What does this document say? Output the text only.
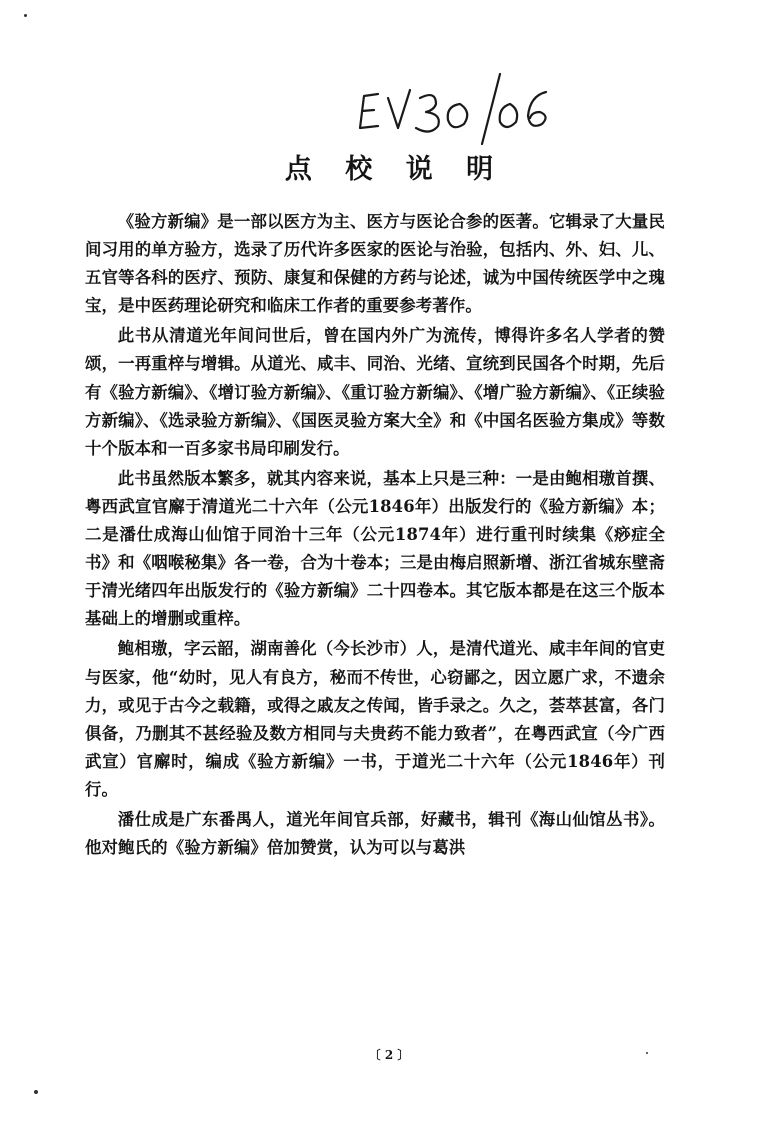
EV30/06
点 校 说 明

《验方新编》是一部以医方为主、医方与医论合参的医著。它辑录了大量民间习用的单方验方，选录了历代许多医家的医论与治验，包括内、外、妇、儿、五官等各科的医疗、预防、康复和保健的方药与论述，诚为中国传统医学中之瑰宝，是中医药理论研究和临床工作者的重要参考著作。

此书从清道光年间问世后，曾在国内外广为流传，博得许多名人学者的赞颂，一再重梓与增辑。从道光、咸丰、同治、光绪、宣统到民国各个时期，先后有《验方新编》、《增订验方新编》、《重订验方新编》、《增广验方新编》、《正续验方新编》、《选录验方新编》、《国医灵验方案大全》和《中国名医验方集成》等数十个版本和一百多家书局印刷发行。

此书虽然版本繁多，就其内容来说，基本上只是三种：一是由鲍相璈首撰、粤西武宣官廨于清道光二十六年（公元1846年）出版发行的《验方新编》本；二是潘仕成海山仙馆于同治十三年（公元1874年）进行重刊时续集《痧症全书》和《咽喉秘集》各一卷，合为十卷本；三是由梅启照新增、浙江省城东壁斋于清光绪四年出版发行的《验方新编》二十四卷本。其它版本都是在这三个版本基础上的增删或重梓。

鲍相璈，字云韶，湖南善化（今长沙市）人，是清代道光、咸丰年间的官吏与医家，他“幼时，见人有良方，秘而不传世，心窃鄙之，因立愿广求，不遗余力，或见于古今之载籍，或得之戚友之传闻，皆手录之。久之，荟萃甚富，各门俱备，乃删其不甚经验及数方相同与夫贵药不能力致者”，在粤西武宣（今广西武宣）官廨时，编成《验方新编》一书，于道光二十六年（公元1846年）刊行。

潘仕成是广东番禺人，道光年间官兵部，好藏书，辑刊《海山仙馆丛书》。他对鲍氏的《验方新编》倍加赞赏，认为可以与葛洪

〔 2 〕
